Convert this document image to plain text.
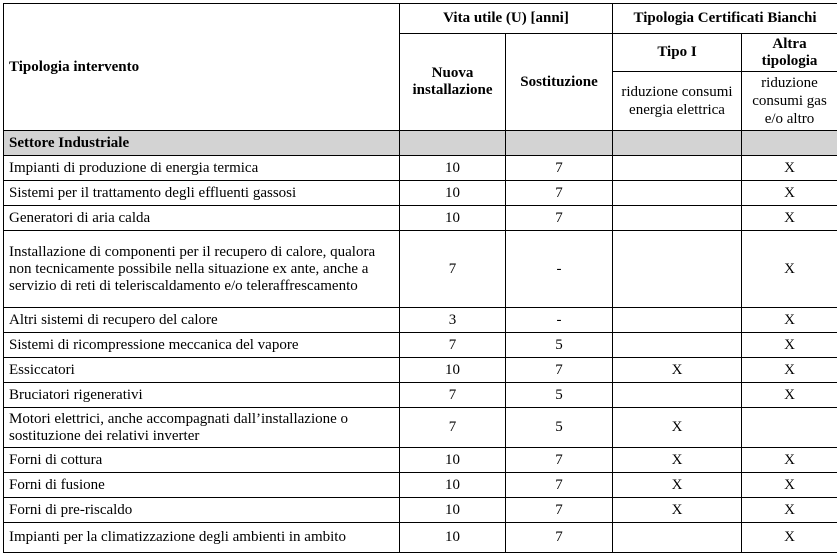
Tipologia intervento	Vita utile (U) [anni]		Tipologia Certificati Bianchi	
	Nuova installazione	Sostituzione	Tipo I	Altra tipologia
			riduzione consumi energia elettrica	riduzione consumi gas e/o altro
Settore Industriale				
Impianti di produzione di energia termica	10	7		X
Sistemi per il trattamento degli effluenti gassosi	10	7		X
Generatori di aria calda	10	7		X
Installazione di componenti per il recupero di calore, qualora non tecnicamente possibile nella situazione ex ante, anche a servizio di reti di teleriscaldamento e/o teleraffrescamento	7	-		X
Altri sistemi di recupero del calore	3	-		X
Sistemi di ricompressione meccanica del vapore	7	5		X
Essiccatori	10	7	X	X
Bruciatori rigenerativi	7	5		X
Motori elettrici, anche accompagnati dall’installazione o sostituzione dei relativi inverter	7	5	X	
Forni di cottura	10	7	X	X
Forni di fusione	10	7	X	X
Forni di pre-riscaldo	10	7	X	X
Impianti per la climatizzazione degli ambienti in ambito	10	7		X
